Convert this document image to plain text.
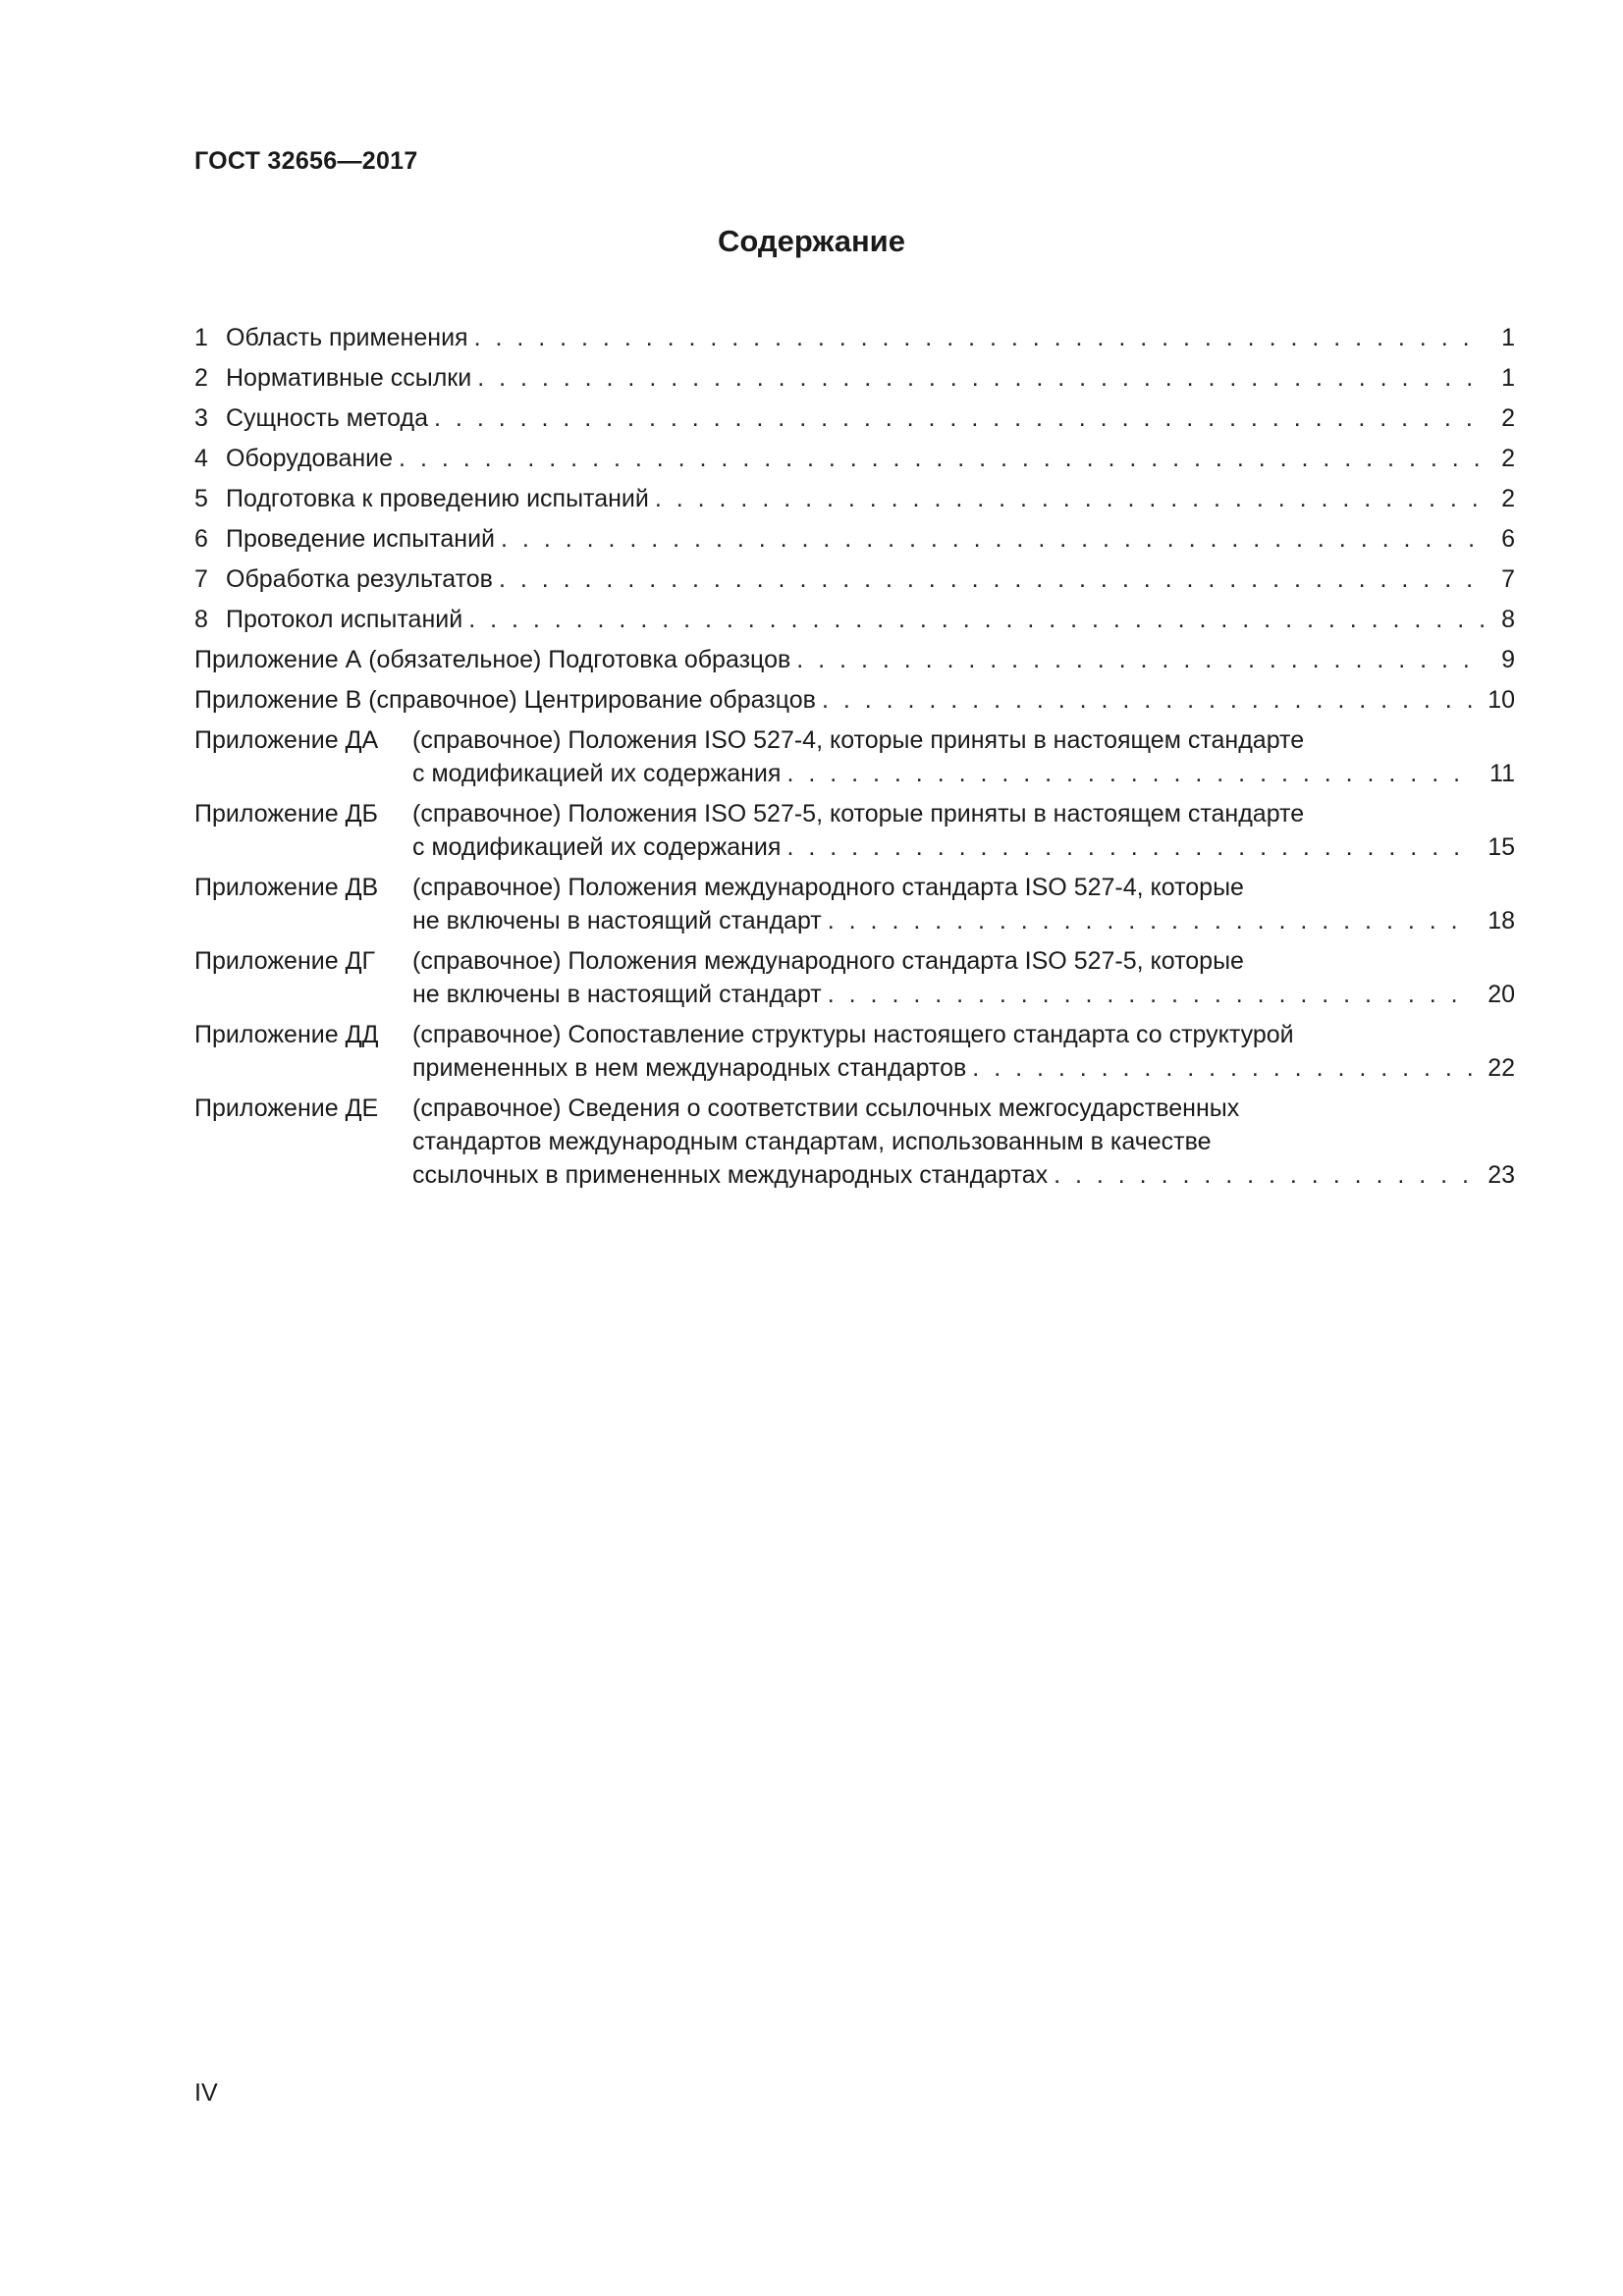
ГОСТ 32656—2017
Содержание
1 Область применения . . .	1
2 Нормативные ссылки . . .	1
3 Сущность метода . . .	2
4 Оборудование . . .	2
5 Подготовка к проведению испытаний . . .	2
6 Проведение испытаний . . .	6
7 Обработка результатов . . .	7
8 Протокол испытаний . . .	8
Приложение А (обязательное) Подготовка образцов . . .	9
Приложение В (справочное) Центрирование образцов . . .	10
Приложение ДА	(справочное) Положения ISO 527-4, которые приняты в настоящем стандарте
с модификацией их содержания . . .	11
Приложение ДБ	(справочное) Положения ISO 527-5, которые приняты в настоящем стандарте
с модификацией их содержания . . .	15
Приложение ДВ	(справочное) Положения международного стандарта ISO 527-4, которые
не включены в настоящий стандарт . . .	18
Приложение ДГ	(справочное) Положения международного стандарта ISO 527-5, которые
не включены в настоящий стандарт . . .	20
Приложение ДД	(справочное) Сопоставление структуры настоящего стандарта со структурой
примененных в нем международных стандартов . . .	22
Приложение ДЕ	(справочное) Сведения о соответствии ссылочных межгосударственных
стандартов международным стандартам, использованным в качестве
ссылочных в примененных международных стандартах . . .	23
IV
